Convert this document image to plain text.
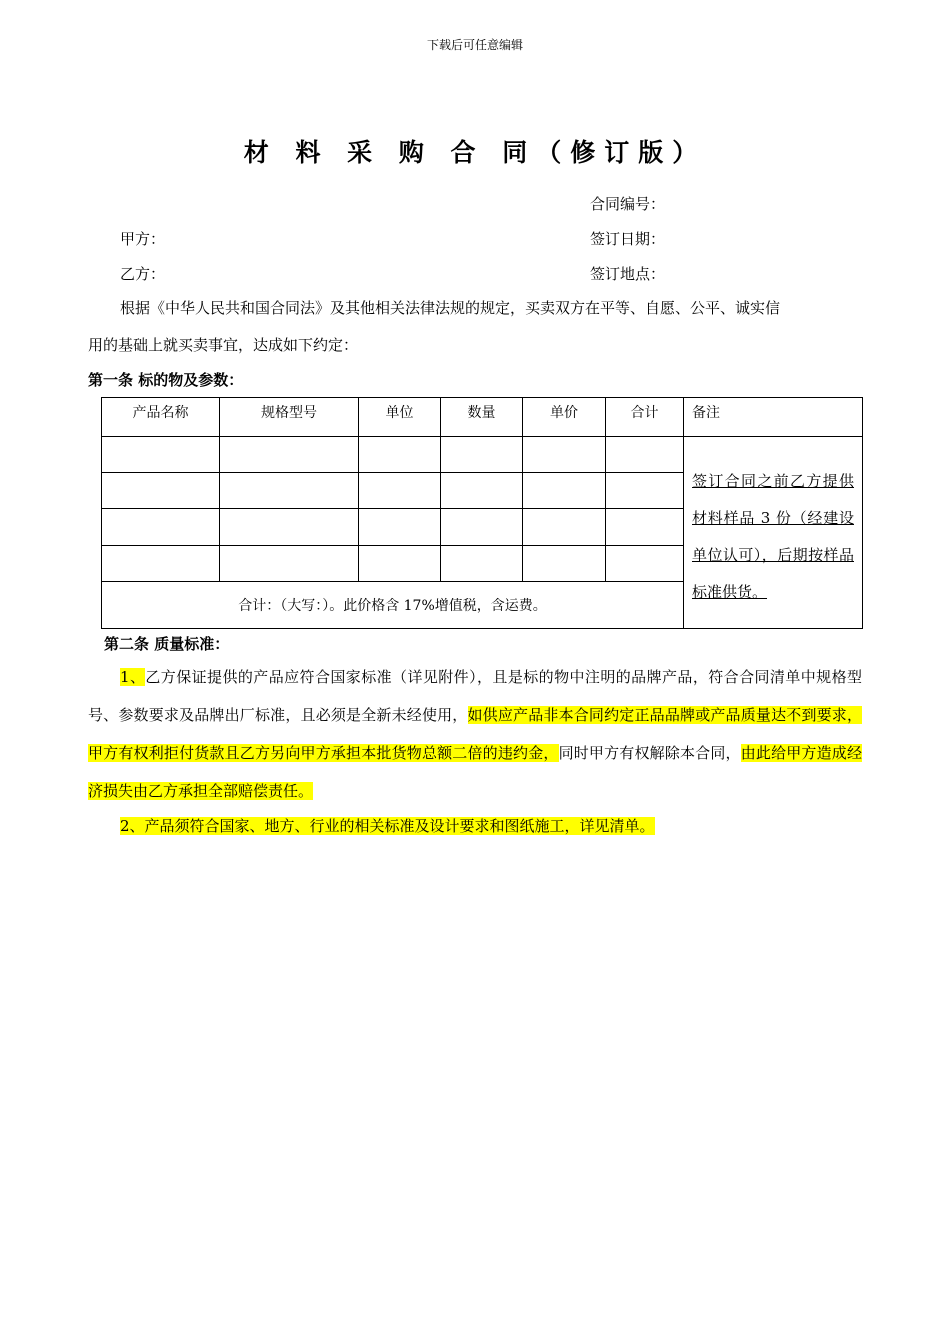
下载后可任意编辑
材 料 采 购 合 同（修订版）
合同编号：
甲方：	签订日期：
乙方：	签订地点：
根据《中华人民共和国合同法》及其他相关法律法规的规定，买卖双方在平等、自愿、公平、诚实信
用的基础上就买卖事宜，达成如下约定：
第一条 标的物及参数：
产品名称	规格型号	单位	数量	单价	合计	备注
						签订合同之前乙方提供材料样品 3 份（经建设单位认可），后期按样品标准供货。

合计：（大写：）。此价格含 17%增值税，含运费。						
第二条 质量标准：
1、乙方保证提供的产品应符合国家标准（详见附件），且是标的物中注明的品牌产品，符合合同清单中规格型号、参数要求及品牌出厂标准，且必须是全新未经使用，如供应产品非本合同约定正品品牌或产品质量达不到要求，甲方有权利拒付货款且乙方另向甲方承担本批货物总额二倍的违约金，同时甲方有权解除本合同，由此给甲方造成经济损失由乙方承担全部赔偿责任。
2、产品须符合国家、地方、行业的相关标准及设计要求和图纸施工，详见清单。
